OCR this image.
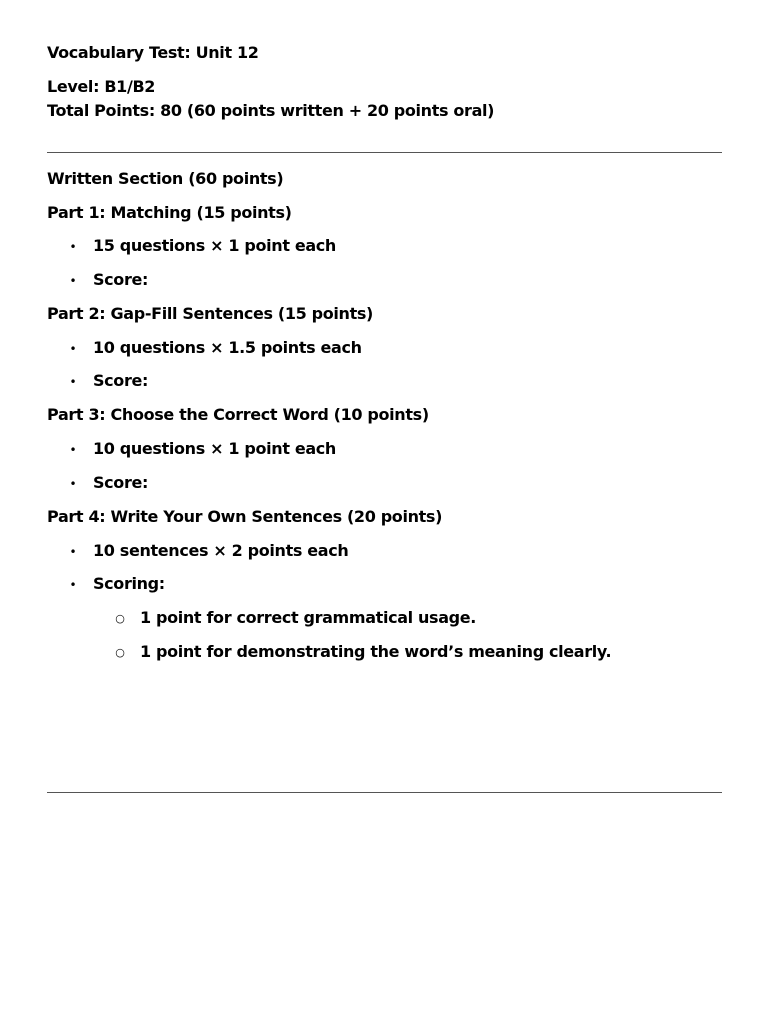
Vocabulary Test: Unit 12
Level: B1/B2
Total Points: 80 (60 points written + 20 points oral)
Written Section (60 points)
Part 1: Matching (15 points)
•	15 questions × 1 point each
•	Score:
Part 2: Gap-Fill Sentences (15 points)
•	10 questions × 1.5 points each
•	Score:
Part 3: Choose the Correct Word (10 points)
•	10 questions × 1 point each
•	Score:
Part 4: Write Your Own Sentences (20 points)
•	10 sentences × 2 points each
•	Scoring:
○ 1 point for correct grammatical usage.
○ 1 point for demonstrating the word’s meaning clearly.
